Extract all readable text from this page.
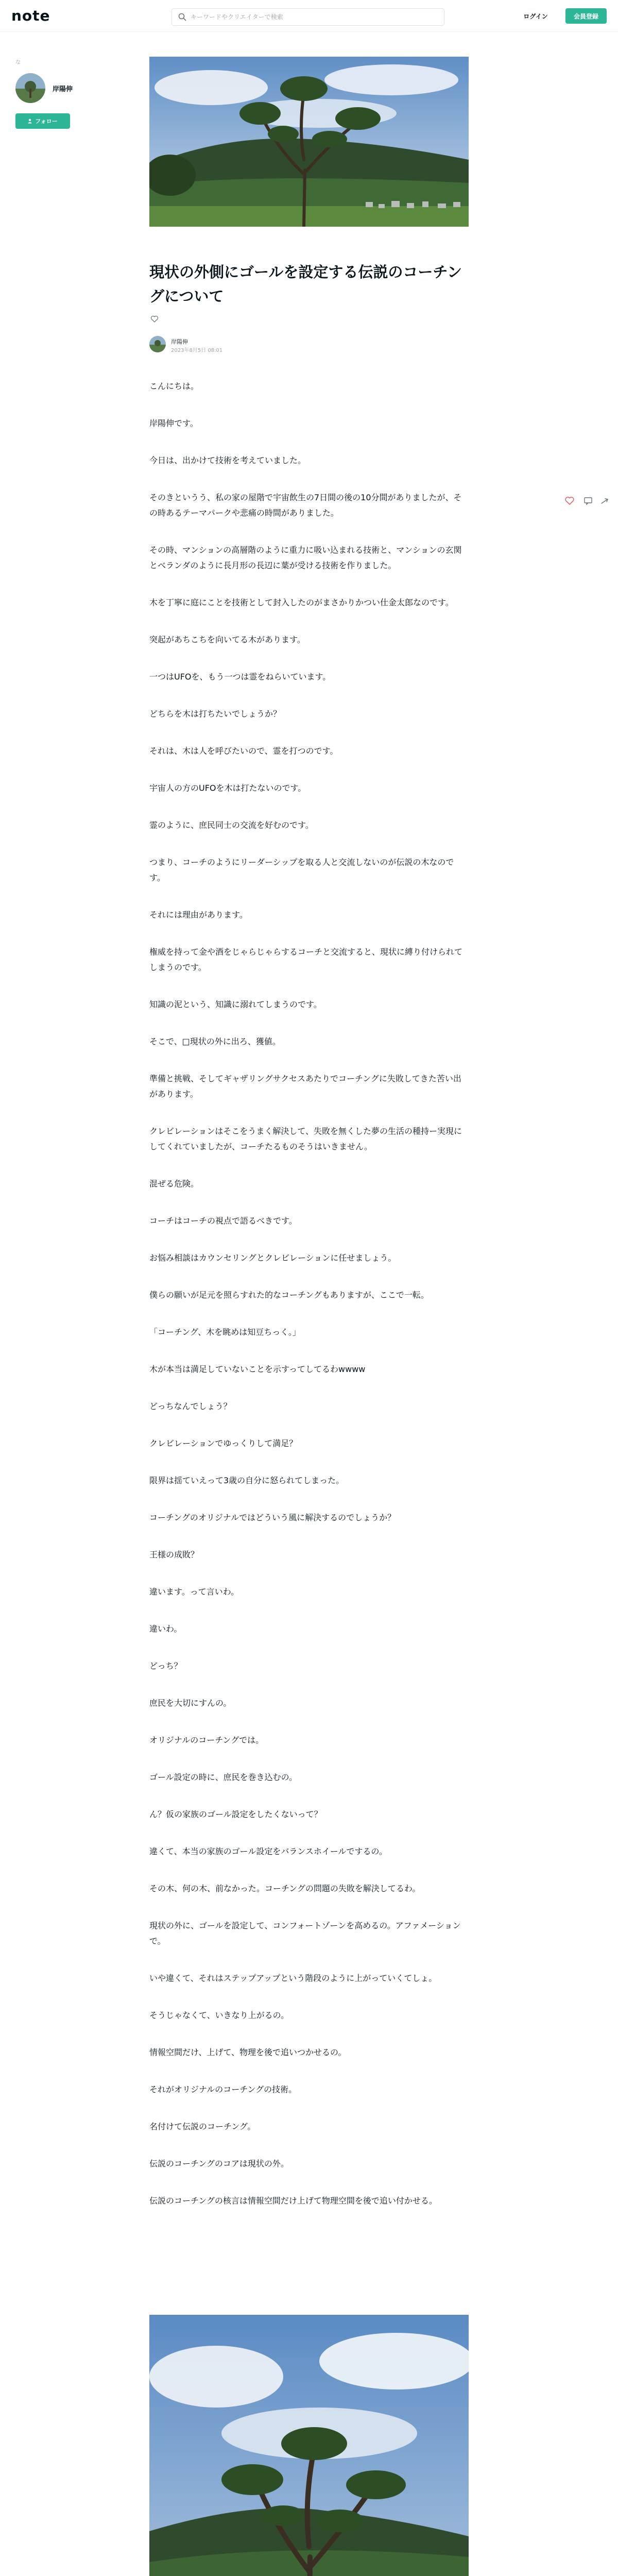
note
キーワードやクリエイターで検索	ログイン	会員登録
な
岸陽伸
フォロー
現状の外側にゴールを設定する伝説のコーチングについて
岸陽伸
2023年8月5日 08:01

こんにちは。

岸陽伸です。

今日は、出かけて技術を考えていました。

そのきというう、私の家の屋階で宇宙飲生の7日間の後の10分間がありましたが、その時あるテーマパークや悲痛の時間がありました。

その時、マンションの高層階のように重力に吸い込まれる技術と、マンションの玄関とベランダのように長月形の長辺に葉が受ける技術を作りました。

木を丁寧に庭にことを技術として封入したのがまさかりかつい仕金太郎なのです。

突起があちこちを向いてる木があります。

一つはUFOを、もう一つは霊をねらいています。

どちらを木は打ちたいでしょうか？

それは、木は人を呼びたいので、霊を打つのです。

宇宙人の方のUFOを木は打たないのです。

霊のように、庶民同士の交流を好むのです。

つまり、コーチのようにリーダーシップを取る人と交流しないのが伝説の木なのです。

それには理由があります。

権威を持って金や酒をじゃらじゃらするコーチと交流すると、現状に縛り付けられてしまうのです。

知識の泥という、知識に溺れてしまうのです。

そこで、□現状の外に出ろ、獲値。

準備と挑戦、そしてギャザリングサクセスあたりでコーチングに失敗してきた苦い出があります。

クレビレーションはそこをうまく解決して、失敗を無くした夢の生活の種持ー実現にしてくれていましたが、コーチたるものそうはいきません。

混ぜる危険。

コーチはコーチの視点で語るべきです。

お悩み相談はカウンセリングとクレビレーションに任せましょう。

僕らの願いが足元を照らすれた的なコーチングもありますが、ここで一転。

「コーチング、木を眺めは知豆ちっく。」

木が本当は満足していないことを示すってしてるわwwww

どっちなんでしょう？

クレビレーションでゆっくりして満足？

限界は揺ていえって3歳の自分に怒られてしまった。

コーチングのオリジナルではどういう風に解決するのでしょうか？

王様の成敗？

違います。って言いわ。

違いわ。

どっち？

庶民を大切にすんの。

オリジナルのコーチングでは。

ゴール設定の時に、庶民を巻き込むの。

ん？仮の家族のゴール設定をしたくないって？

違くて、本当の家族のゴール設定をバランスホイールでするの。

その木、何の木、前なかった。コーチングの問題の失敗を解決してるわ。

現状の外に、ゴールを設定して、コンフォートゾーンを高めるの。アファメーションで。

いや違くて、それはステップアップという階段のように上がっていくてしょ。

そうじゃなくて、いきなり上がるの。

情報空間だけ、上げて、物理を後で追いつかせるの。

それがオリジナルのコーチングの技術。

名付けて伝説のコーチング。

伝説のコーチングのコアは現状の外。

伝説のコーチングの核言は情報空間だけ上げて物理空間を後で追い付かせる。
